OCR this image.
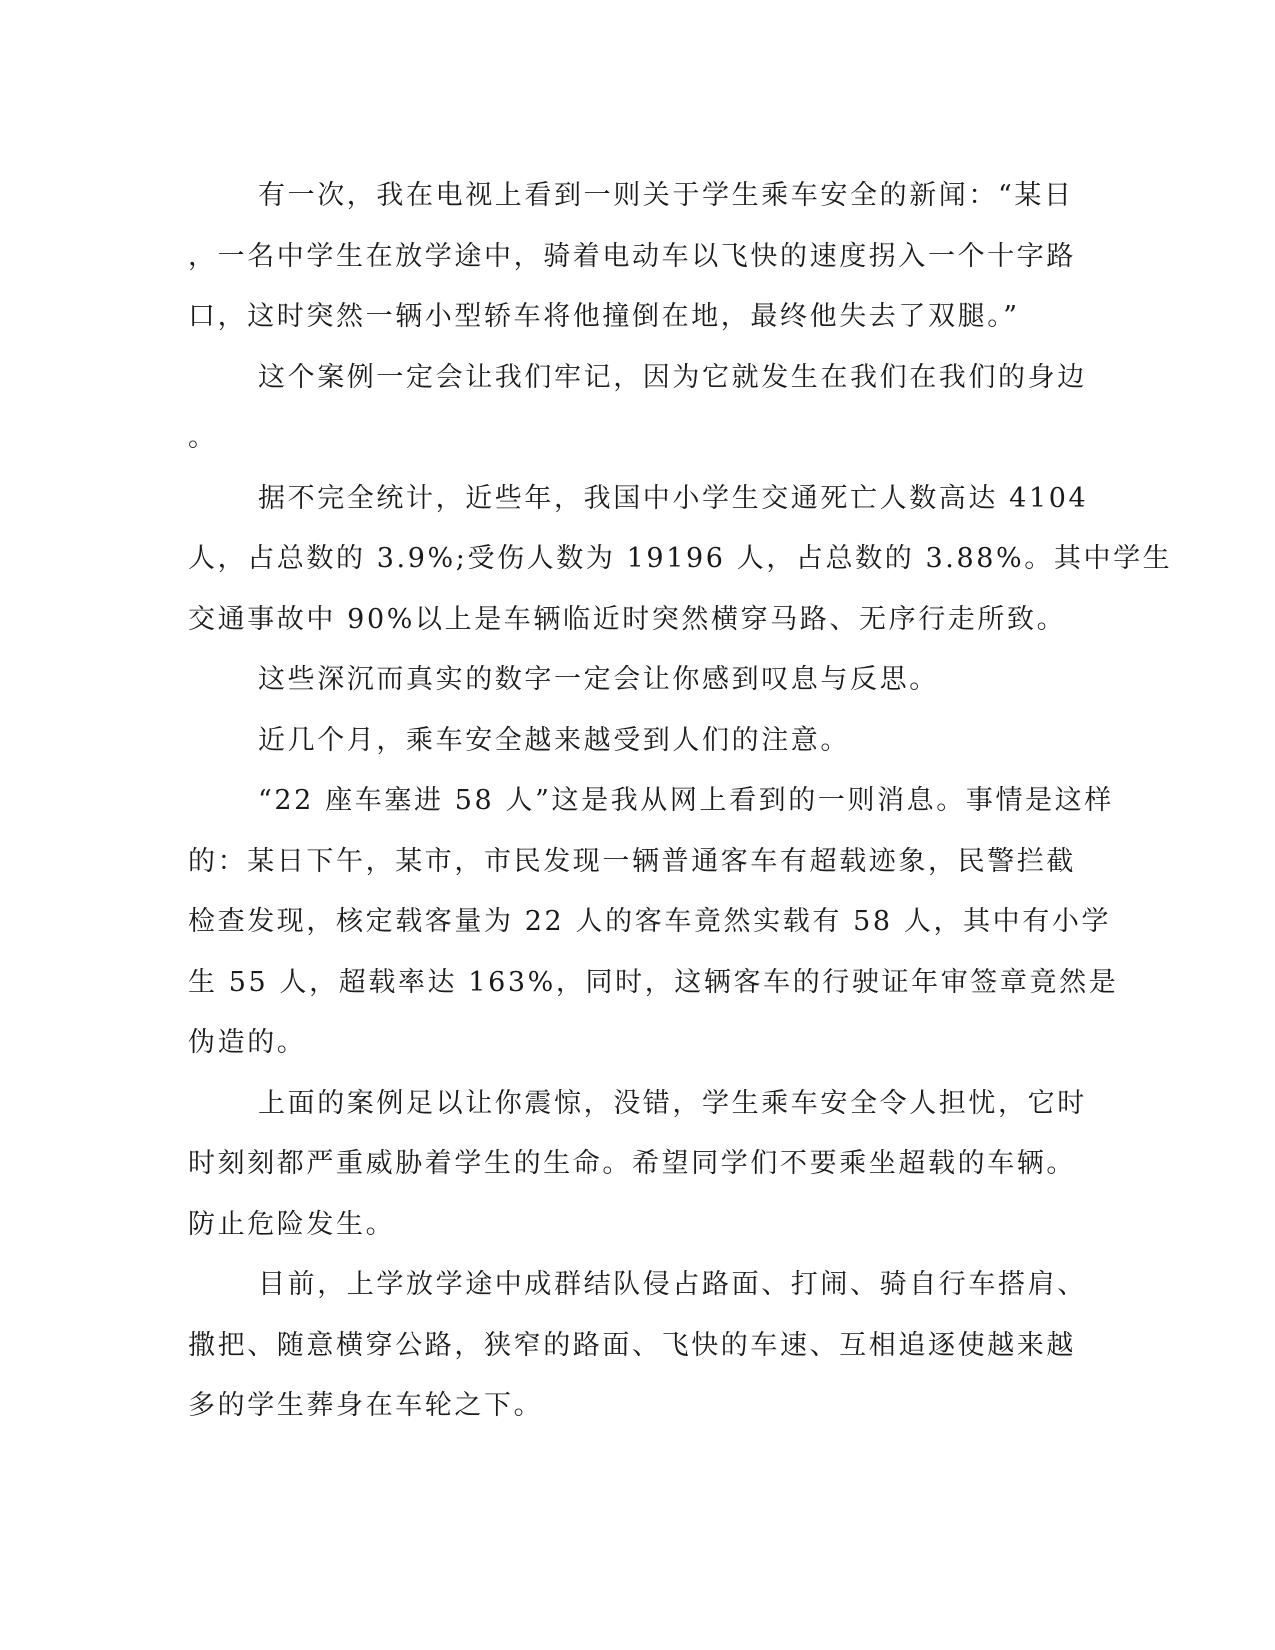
有一次，我在电视上看到一则关于学生乘车安全的新闻：“某日
，一名中学生在放学途中，骑着电动车以飞快的速度拐入一个十字路
口，这时突然一辆小型轿车将他撞倒在地，最终他失去了双腿。”

这个案例一定会让我们牢记，因为它就发生在我们在我们的身边
。

据不完全统计，近些年，我国中小学生交通死亡人数高达 4104
人，占总数的 3.9%;受伤人数为 19196 人，占总数的 3.88%。其中学生
交通事故中 90%以上是车辆临近时突然横穿马路、无序行走所致。

这些深沉而真实的数字一定会让你感到叹息与反思。

近几个月，乘车安全越来越受到人们的注意。

“22 座车塞进 58 人”这是我从网上看到的一则消息。事情是这样
的：某日下午，某市，市民发现一辆普通客车有超载迹象，民警拦截
检查发现，核定载客量为 22 人的客车竟然实载有 58 人，其中有小学
生 55 人，超载率达 163%，同时，这辆客车的行驶证年审签章竟然是
伪造的。

上面的案例足以让你震惊，没错，学生乘车安全令人担忧，它时
时刻刻都严重威胁着学生的生命。希望同学们不要乘坐超载的车辆。
防止危险发生。

目前，上学放学途中成群结队侵占路面、打闹、骑自行车搭肩、
撒把、随意横穿公路，狭窄的路面、飞快的车速、互相追逐使越来越
多的学生葬身在车轮之下。
